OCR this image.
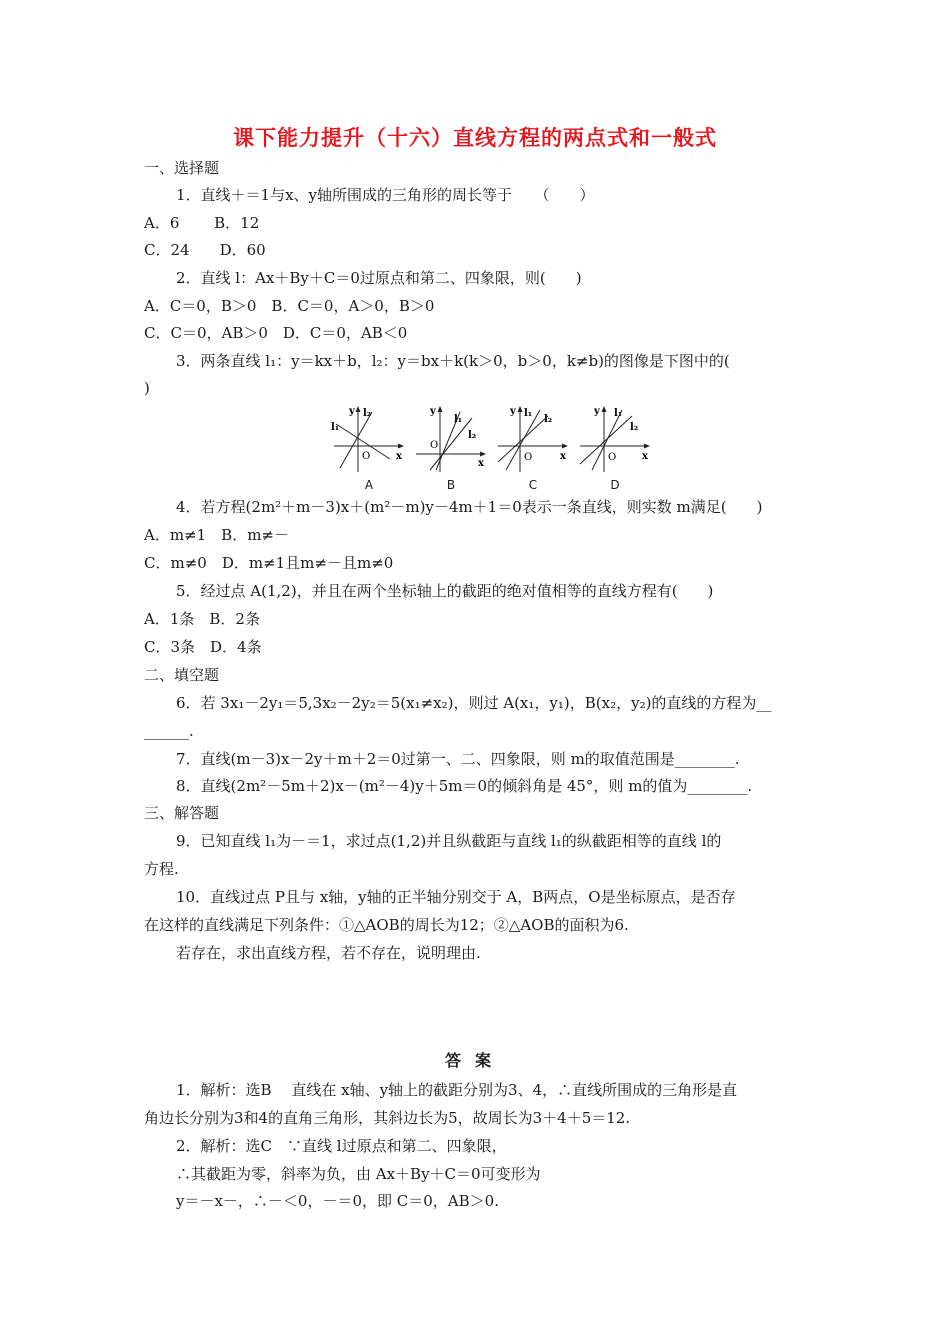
课下能力提升（十六）直线方程的两点式和一般式
一、选择题
1．直线＋＝1与x、y轴所围成的三角形的周长等于　　（　　）
A．6　　 B．12
C．24　　D．60
2．直线 l：Ax＋By＋C＝0过原点和第二、四象限，则(　　)
A．C＝0，B＞0　B．C＝0，A＞0，B＞0
C．C＝0，AB＞0　D．C＝0，AB＜0
3．两条直线 l₁：y＝kx＋b，l₂：y＝bx＋k(k＞0，b＞0，k≠b)的图像是下图中的(
)
y l₂
l₁
O	x
A
y
l₁
l₂
O
x
B
y l₁
l₂
O	x
C
y l₁
l₂
O	x
D
4．若方程(2m²＋m－3)x＋(m²－m)y－4m＋1＝0表示一条直线，则实数 m满足(　　)
A．m≠1　B．m≠－
C．m≠0　D．m≠1且m≠－且m≠0
5．经过点 A(1,2)，并且在两个坐标轴上的截距的绝对值相等的直线方程有(　　)
A．1条　B．2条
C．3条　D．4条
二、填空题
6．若 3x₁－2y₁＝5,3x₂－2y₂＝5(x₁≠x₂)，则过 A(x₁，y₁)，B(x₂，y₂)的直线的方程为__
______.
7．直线(m－3)x－2y＋m＋2＝0过第一、二、四象限，则 m的取值范围是________.
8．直线(2m²－5m＋2)x－(m²－4)y＋5m＝0的倾斜角是 45°，则 m的值为________.
三、解答题
9．已知直线 l₁为－＝1，求过点(1,2)并且纵截距与直线 l₁的纵截距相等的直线 l的
方程.
10．直线过点 P且与 x轴，y轴的正半轴分别交于 A，B两点，O是坐标原点，是否存
在这样的直线满足下列条件：①△AOB的周长为12；②△AOB的面积为6.
若存在，求出直线方程，若不存在，说明理由.
答案
1．解析：选B　 直线在 x轴、y轴上的截距分别为3、4，∴直线所围成的三角形是直
角边长分别为3和4的直角三角形，其斜边长为5，故周长为3＋4＋5＝12.
2．解析：选C　∵直线 l过原点和第二、四象限，
∴其截距为零，斜率为负，由 Ax＋By＋C＝0可变形为
y＝－x－，∴－＜0，－＝0，即 C＝0，AB＞0.
